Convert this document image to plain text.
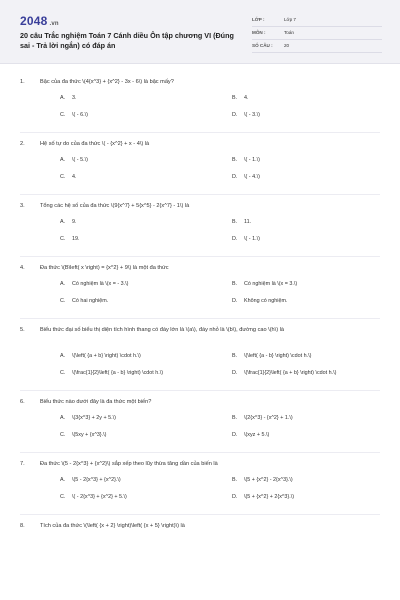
2048 .vn
20 câu Trắc nghiệm Toán 7 Cánh diều Ôn tập chương VI (Đúng sai - Trả lời ngắn) có đáp án
LỚP :	Lớp 7
MÔN :	Toán
SỐ CÂU : 20
1.	Bậc của đa thức \(4{x^3} + {x^2} - 3x - 6\) là bậc mấy?
A. 3.	B. 4.
C. \( - 6.\)	D. \( - 3.\)
2.	Hệ số tự do của đa thức \( - {x^2} + x - 4\) là
A. \( - 5.\)	B. \( - 1.\)
C. 4.	D. \( - 4.\)
3.	Tổng các hệ số của đa thức \(9{x^7} + 5{x^5} - 2{x^7} - 1\) là
A. 9.	B. 11.
C. 19.	D. \( - 1.\)
4.	Đa thức \(B\left( x \right) = {x^2} + 9\) là một đa thức
A. Có nghiệm là \(x = - 3.\)	B. Có nghiệm là \(x = 3.\)
C. Có hai nghiệm.	D. Không có nghiệm.
5.	Biểu thức đại số biểu thị diện tích hình thang có đáy lớn là \(a\), đáy nhỏ là \(b\), đường cao \(h\) là
A. \(\left( {a + b} \right) \cdot h.\)	B. \(\left( {a - b} \right) \cdot h.\)
C. \(\frac{1}{2}\left( {a - b} \right) \cdot h.\)	D. \(\frac{1}{2}\left( {a + b} \right) \cdot h.\)
6.	Biểu thức nào dưới đây là đa thức một biến?
A. \(3{x^3} + 2y + 5.\)	B. \(2{x^3} - {x^2} + 1.\)
C. \(5xy + {x^3}.\)	D. \(xyz + 5.\)
7.	Đa thức \(5 - 2{x^3} + {x^2}\) sắp xếp theo lũy thừa tăng dần của biến là
A. \(5 - 2{x^3} + {x^2}.\)	B. \(5 + {x^2} - 2{x^3}.\)
C. \( - 2{x^3} + {x^2} + 5.\)	D. \(5 + {x^2} + 2{x^3}.\)
8.	Tích của đa thức \(\left( {x + 2} \right)\left( {x + 5} \right)\) là
